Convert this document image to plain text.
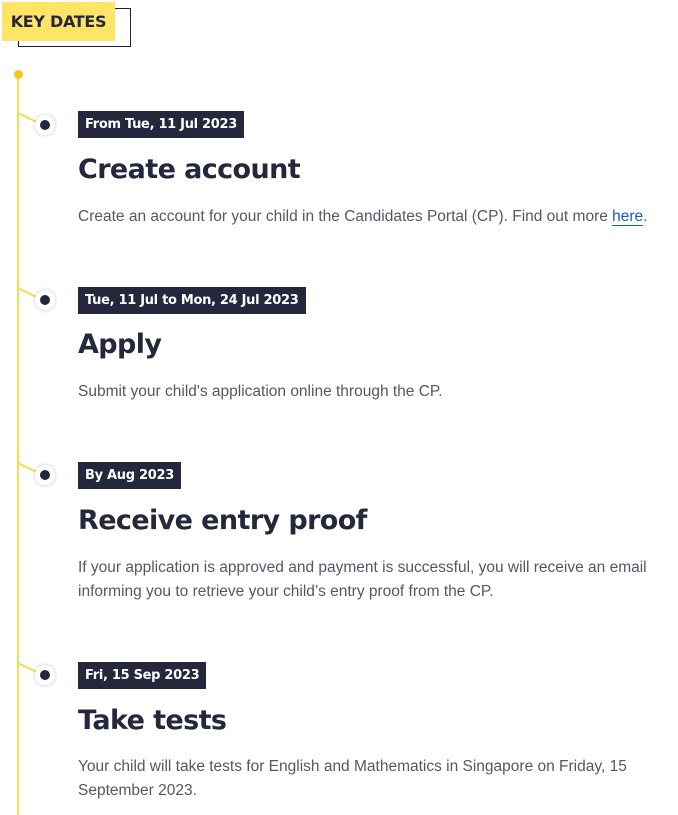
KEY DATES
From Tue, 11 Jul 2023
Create account

Create an account for your child in the Candidates Portal (CP). Find out more here.

Tue, 11 Jul to Mon, 24 Jul 2023
Apply

Submit your child's application online through the CP.

By Aug 2023
Receive entry proof

If your application is approved and payment is successful, you will receive an email informing you to retrieve your child’s entry proof from the CP.

Fri, 15 Sep 2023
Take tests

Your child will take tests for English and Mathematics in Singapore on Friday, 15 September 2023.
